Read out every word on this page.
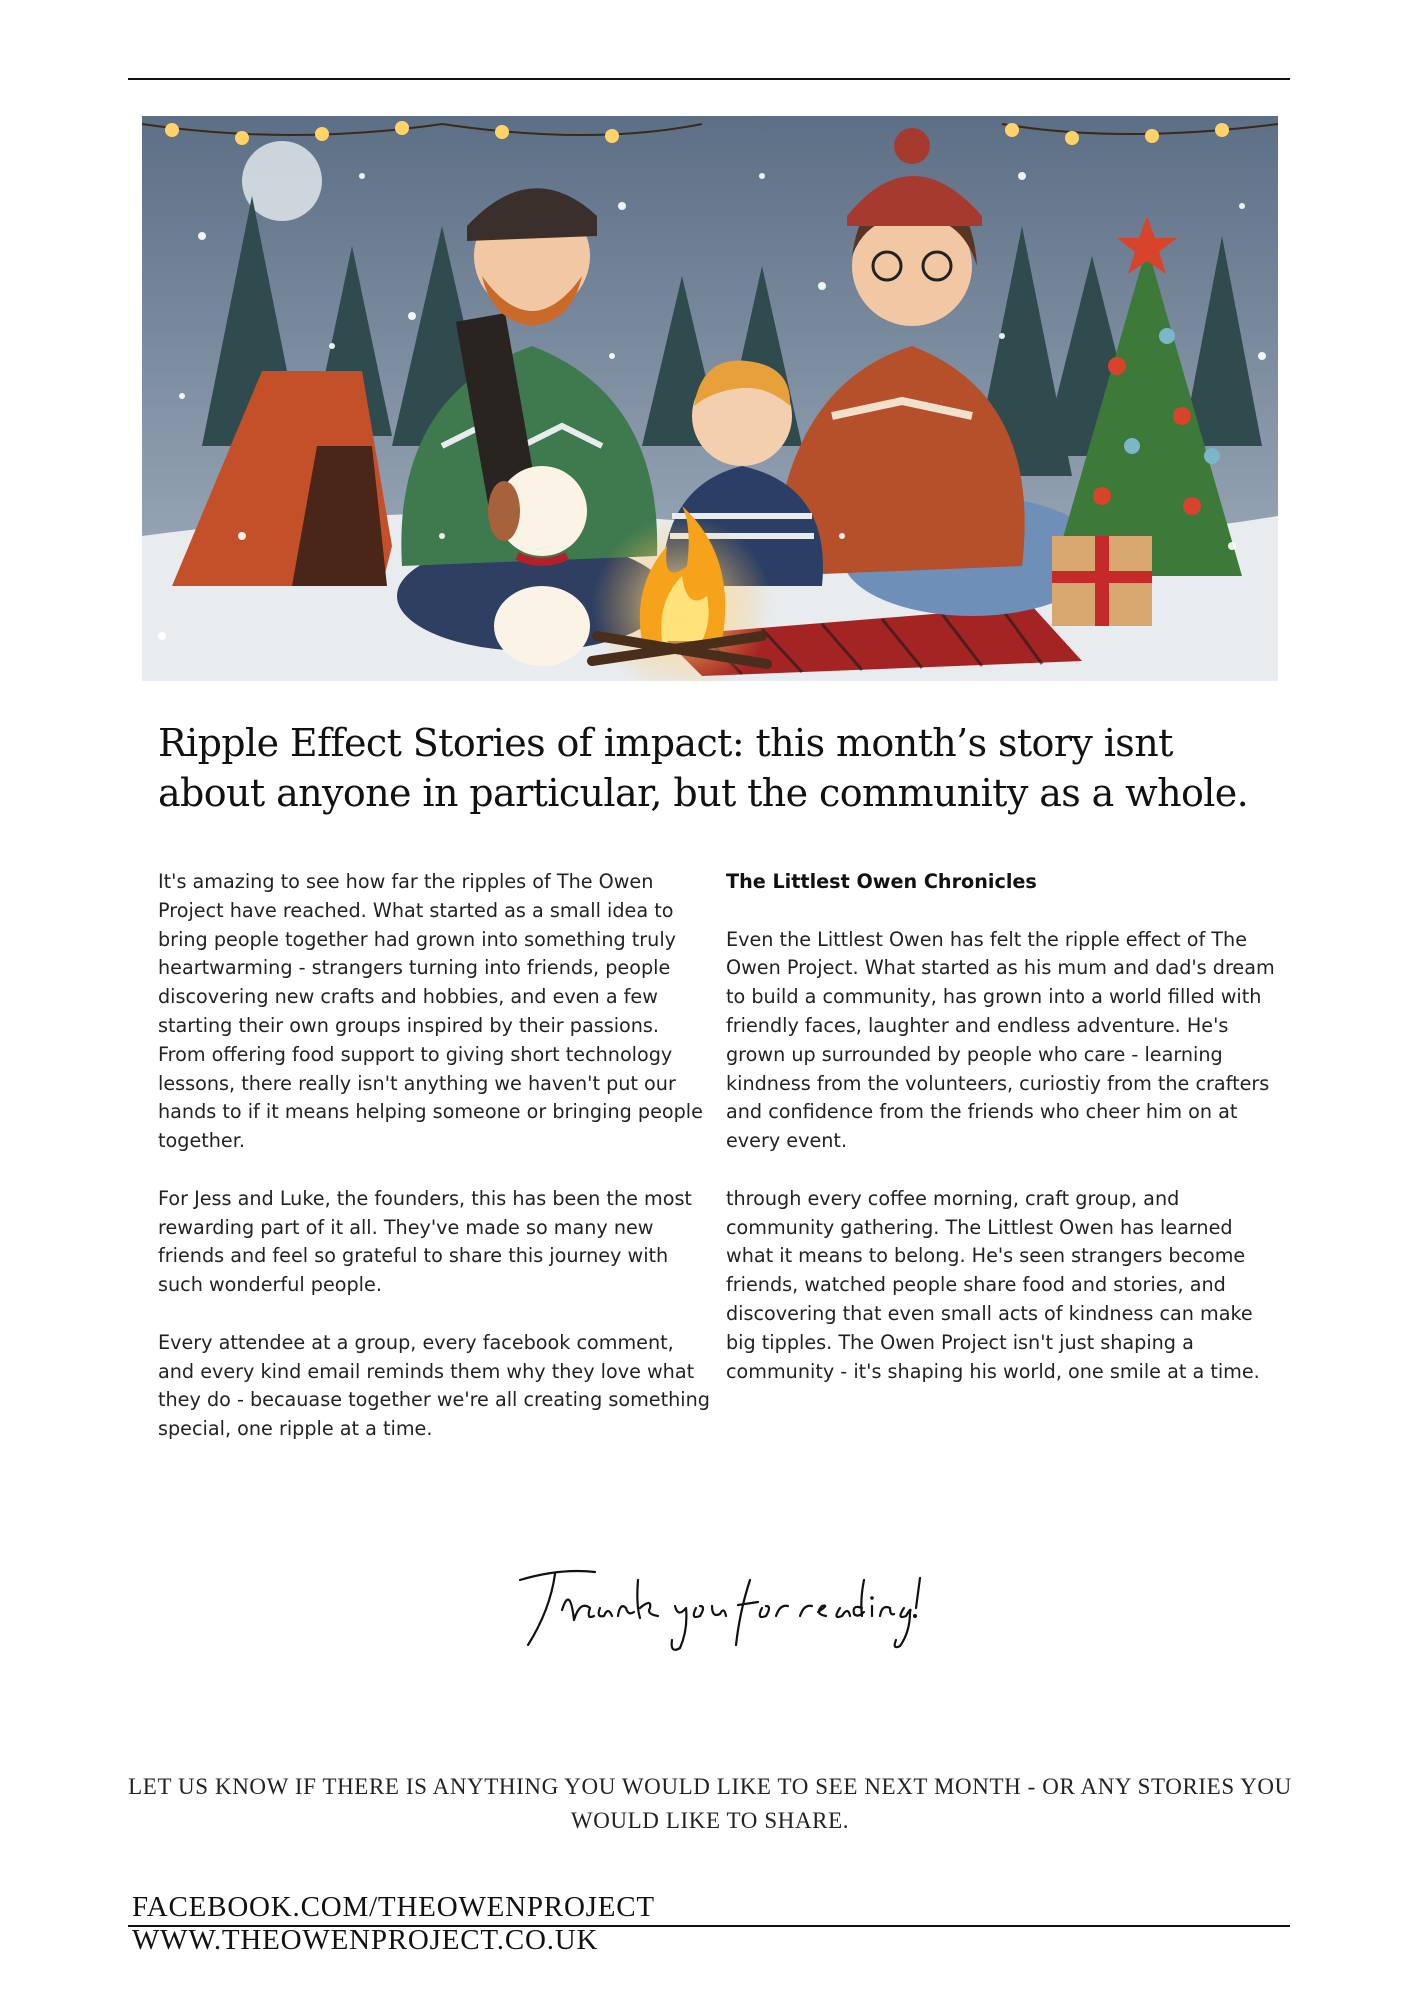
Ripple Effect Stories of impact: this month’s story isnt about anyone in particular, but the community as a whole.

It's amazing to see how far the ripples of The Owen Project have reached. What started as a small idea to bring people together had grown into something truly heartwarming - strangers turning into friends, people discovering new crafts and hobbies, and even a few starting their own groups inspired by their passions. From offering food support to giving short technology lessons, there really isn't anything we haven't put our hands to if it means helping someone or bringing people together.

For Jess and Luke, the founders, this has been the most rewarding part of it all. They've made so many new friends and feel so grateful to share this journey with such wonderful people.

Every attendee at a group, every facebook comment, and every kind email reminds them why they love what they do - becauase together we're all creating something special, one ripple at a time.

The Littlest Owen Chronicles

Even the Littlest Owen has felt the ripple effect of The Owen Project. What started as his mum and dad's dream to build a community, has grown into a world filled with friendly faces, laughter and endless adventure. He's grown up surrounded by people who care - learning kindness from the volunteers, curiostiy from the crafters and confidence from the friends who cheer him on at every event.

through every coffee morning, craft group, and community gathering. The Littlest Owen has learned what it means to belong. He's seen strangers become friends, watched people share food and stories, and discovering that even small acts of kindness can make big tipples. The Owen Project isn't just shaping a community - it's shaping his world, one smile at a time.

LET US KNOW IF THERE IS ANYTHING YOU WOULD LIKE TO SEE NEXT MONTH - OR ANY STORIES YOU WOULD LIKE TO SHARE.

FACEBOOK.COM/THEOWENPROJECT
WWW.THEOWENPROJECT.CO.UK
